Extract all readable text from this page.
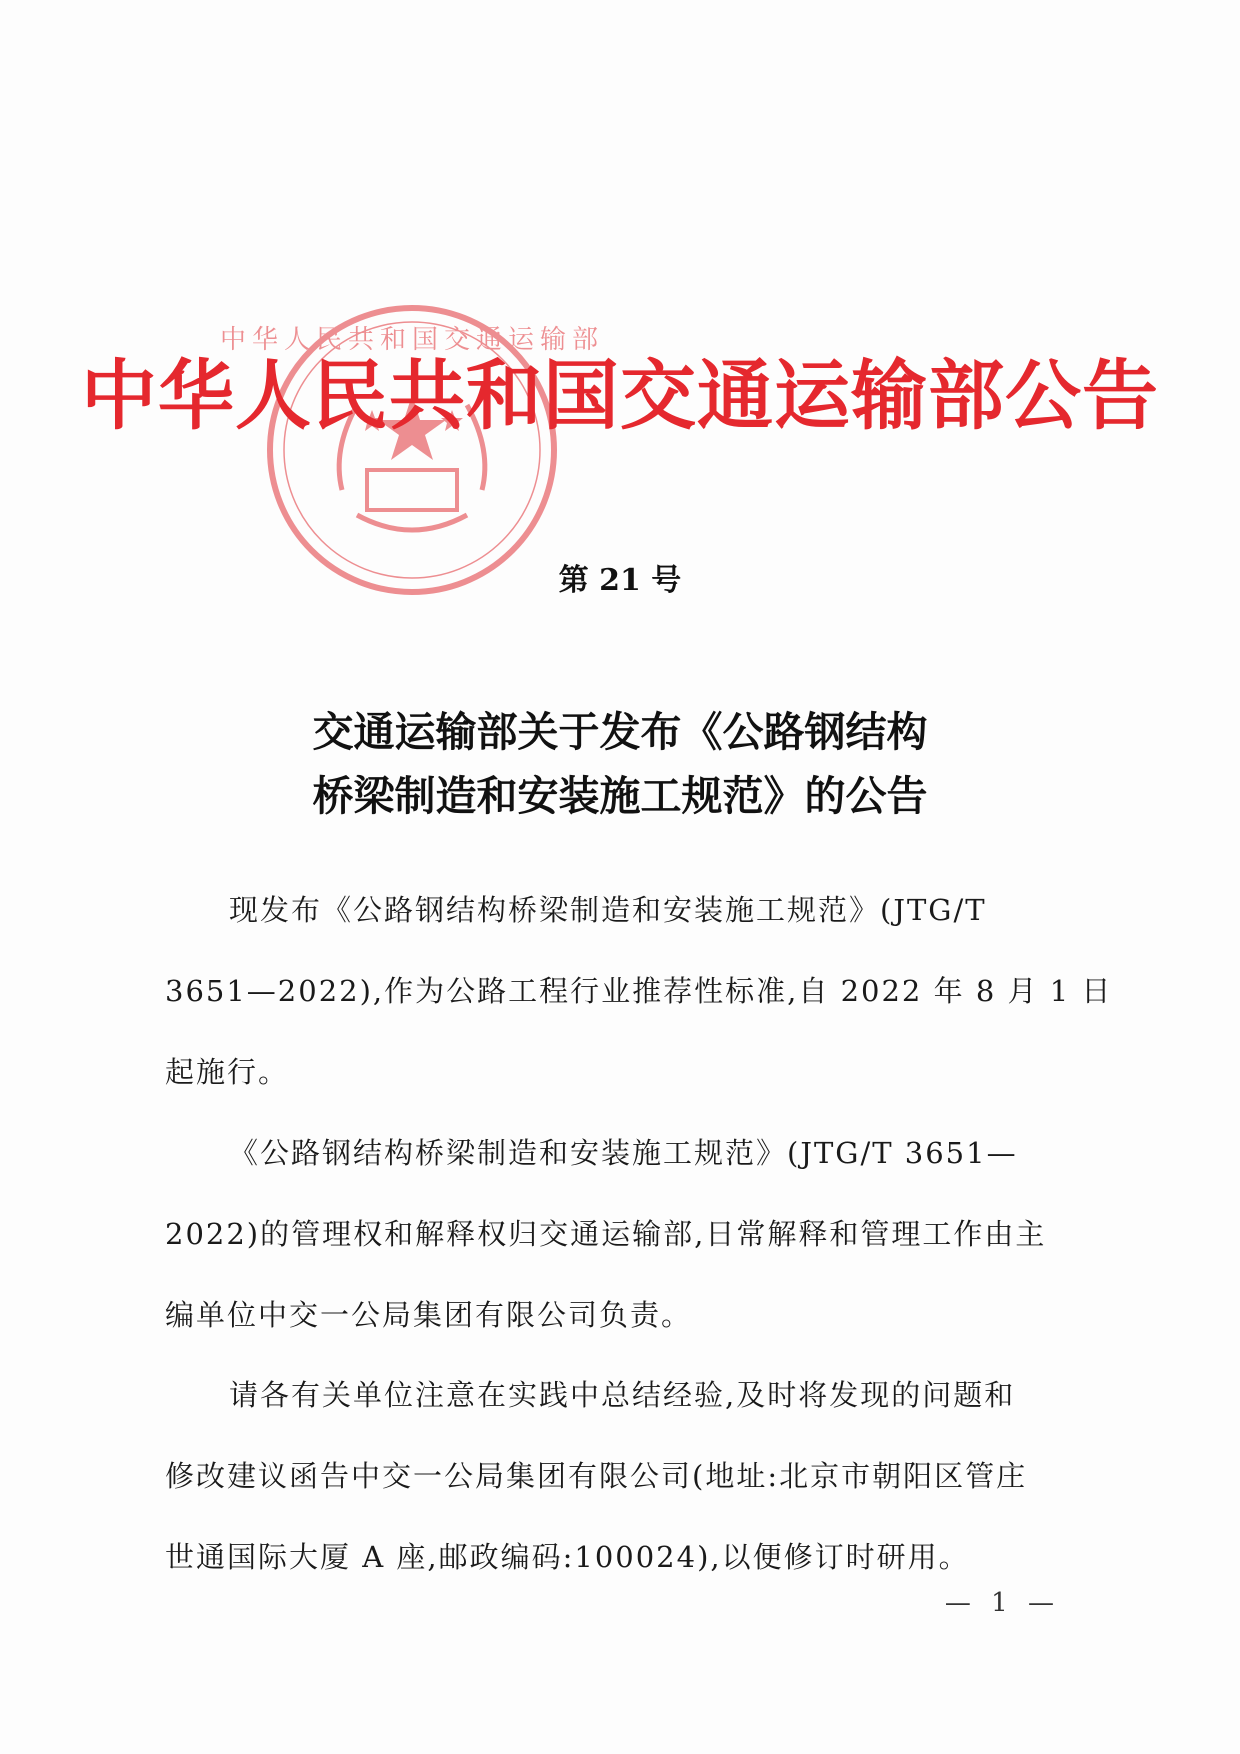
中华人民共和国交通运输部
中华人民共和国交通运输部公告
第 21 号
交通运输部关于发布《公路钢结构
桥梁制造和安装施工规范》的公告
现发布《公路钢结构桥梁制造和安装施工规范》(JTG/T
3651—2022),作为公路工程行业推荐性标准,自 2022 年 8 月 1 日
起施行。
《公路钢结构桥梁制造和安装施工规范》(JTG/T 3651—
2022)的管理权和解释权归交通运输部,日常解释和管理工作由主
编单位中交一公局集团有限公司负责。
请各有关单位注意在实践中总结经验,及时将发现的问题和
修改建议函告中交一公局集团有限公司(地址:北京市朝阳区管庄
世通国际大厦 A 座,邮政编码:100024),以便修订时研用。
— 1 —
